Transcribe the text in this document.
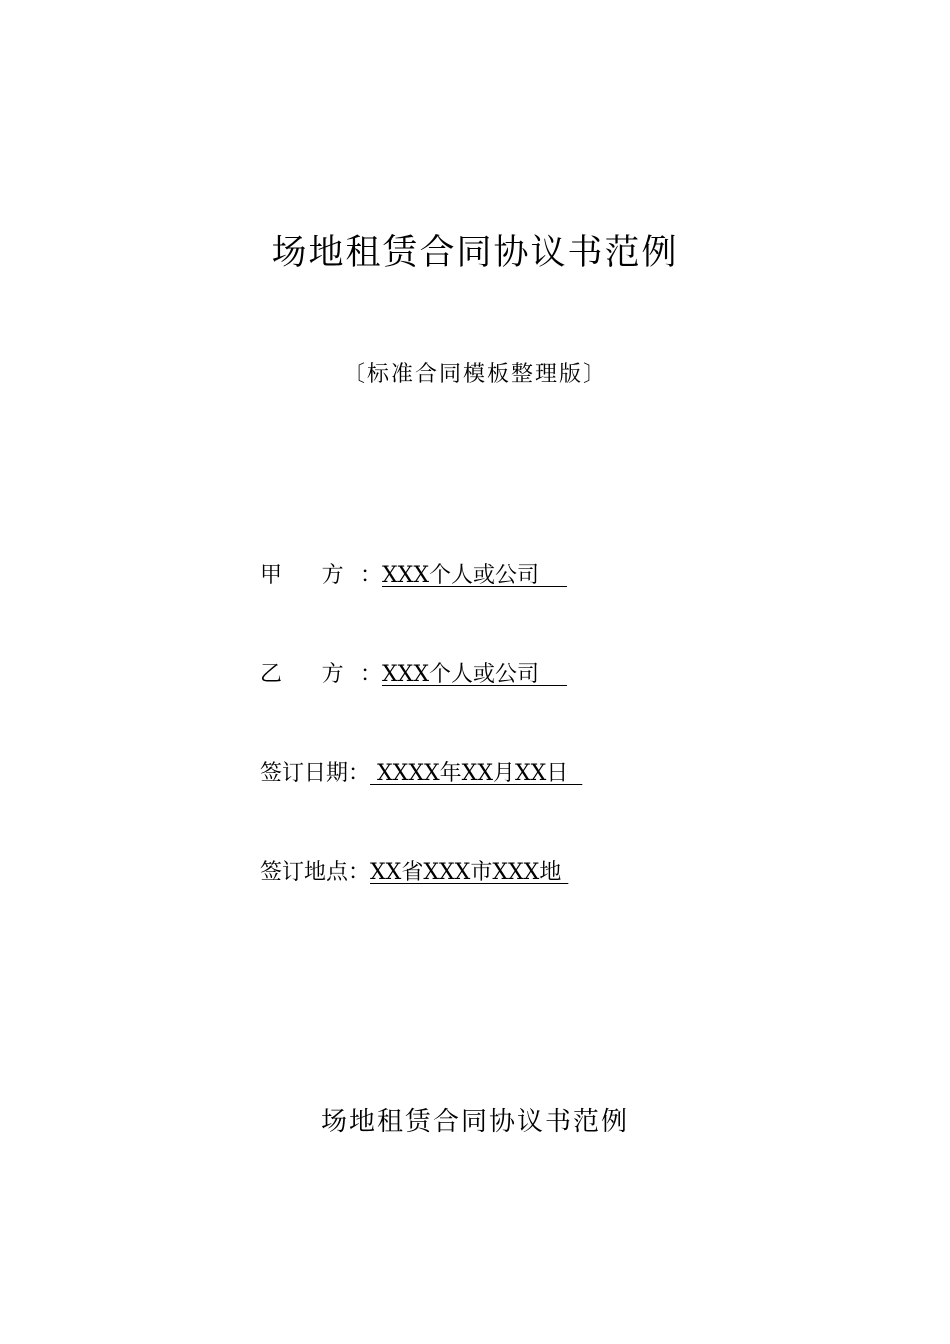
场地租赁合同协议书范例
〔标准合同模板整理版〕
甲 方：XXX个人或公司
乙 方：XXX个人或公司
签订日期： XXXX年XX月XX日
签订地点：XX省XXX市XXX地
场地租赁合同协议书范例
